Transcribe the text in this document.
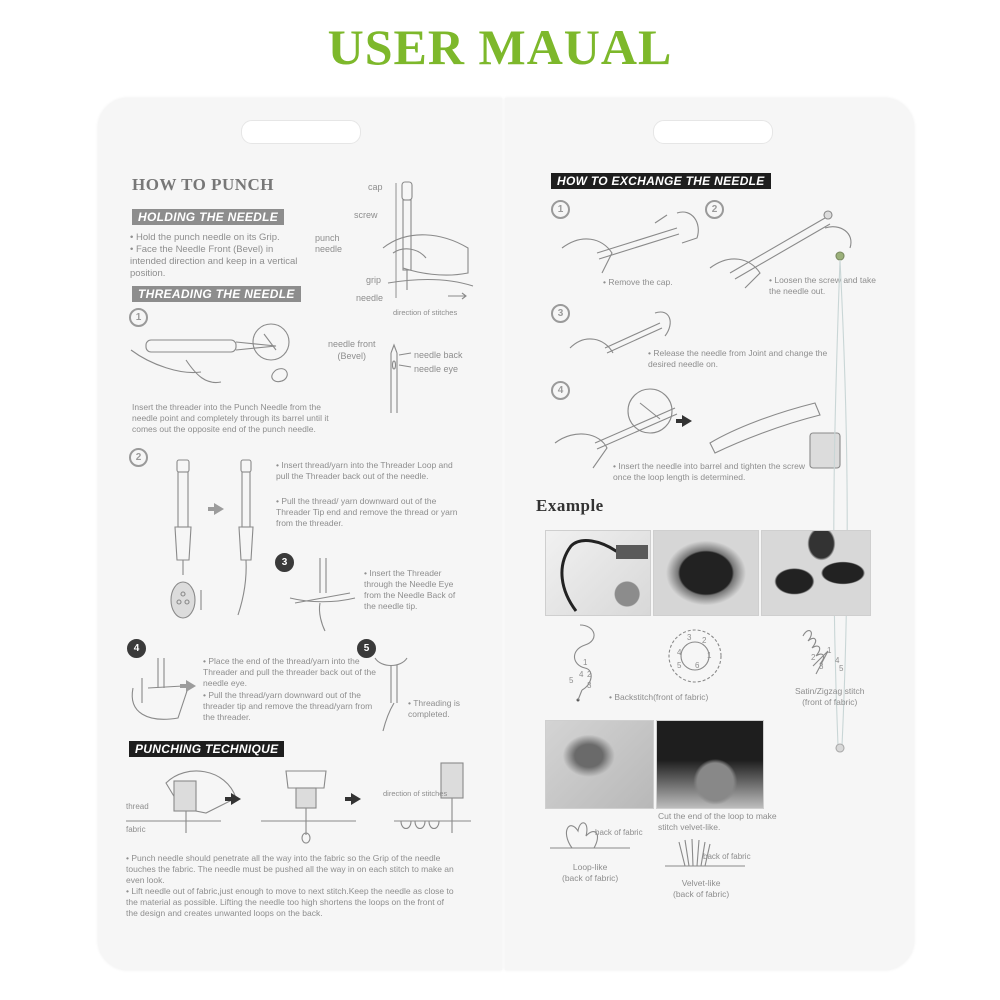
USER MAUAL
HOW TO PUNCH
HOLDING THE NEEDLE
• Hold the punch needle on its Grip.
• Face the Needle Front (Bevel) in intended direction and keep in a vertical position.
cap
screw
punch
needle
grip
needle
direction of stitches
THREADING THE NEEDLE
1
Insert the threader into the Punch Needle from the needle point and completely through its barrel until it comes out the opposite end of the punch needle.
needle front
(Bevel)	needle back
needle eye
2
• Insert thread/yarn into the Threader Loop and pull the Threader back out of the needle.
• Pull the thread/ yarn downward out of the Threader Tip end and remove the thread or yarn from the threader.
3
• Insert the Threader through the Needle Eye from the Needle Back of the needle tip.
4
• Place the end of the thread/yarn into the Threader and pull the threader back out of the needle eye.
• Pull the thread/yarn downward out of the threader tip and remove the thread/yarn from the threader.
5
• Threading is completed.
PUNCHING TECHNIQUE
thread
fabric
direction of stitches
• Punch needle should penetrate all the way into the fabric so the Grip of the needle touches the fabric. The needle must be pushed all the way in on each stitch to make an even look.
• Lift needle out of fabric,just enough to move to next stitch.Keep the needle as close to the material as possible. Lifting the needle too high shortens the loops on the front of the design and creates unwanted loops on the back.
HOW TO EXCHANGE THE NEEDLE
1
• Remove the cap.
2
• Loosen the screw and take the needle out.
3
• Release the needle from Joint and change the desired needle on.
4
• Insert the needle into barrel and tighten the screw once the loop length is determined.
Example
5
4
3
2
1
• Backstitch(front of fabric)
3 2
4	1
5 6
1
2
3
4
5
Satin/Zigzag stitch
(front of fabric)
Cut the end of the loop to make stitch velvet-like.
back of fabric
Loop-like
(back of fabric)
back of fabric
Velvet-like
(back of fabric)
